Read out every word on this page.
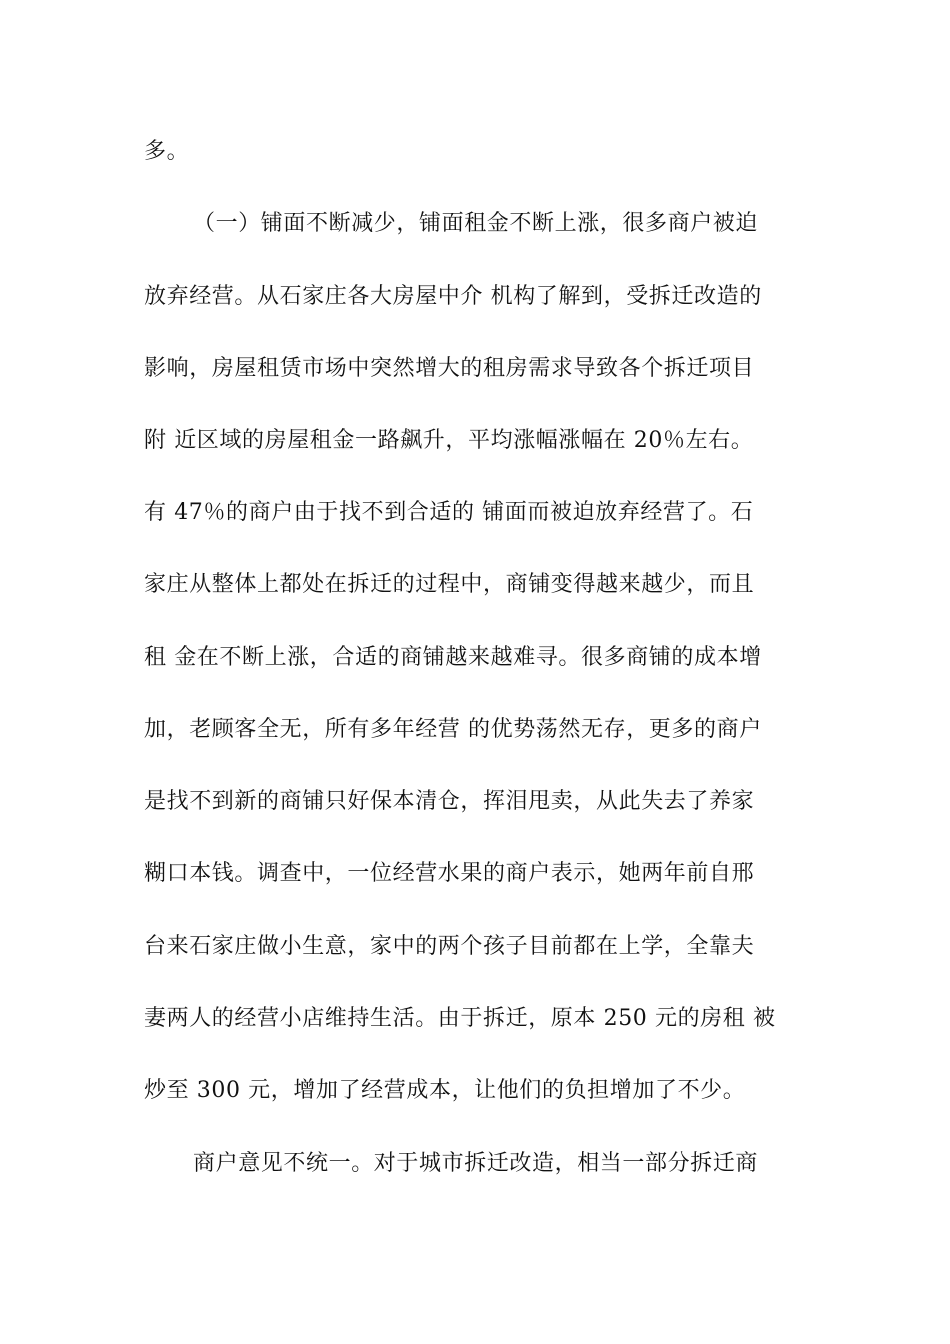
多。
（一）铺面不断减少，铺面租金不断上涨，很多商户被迫
放弃经营。从石家庄各大房屋中介 机构了解到，受拆迁改造的
影响，房屋租赁市场中突然增大的租房需求导致各个拆迁项目
附 近区域的房屋租金一路飙升，平均涨幅涨幅在 20％左右。
有 47％的商户由于找不到合适的 铺面而被迫放弃经营了。石
家庄从整体上都处在拆迁的过程中，商铺变得越来越少，而且
租 金在不断上涨，合适的商铺越来越难寻。很多商铺的成本增
加，老顾客全无，所有多年经营 的优势荡然无存，更多的商户
是找不到新的商铺只好保本清仓，挥泪甩卖，从此失去了养家
糊口本钱。调查中，一位经营水果的商户表示，她两年前自邢
台来石家庄做小生意，家中的两个孩子目前都在上学，全靠夫
妻两人的经营小店维持生活。由于拆迁，原本 250 元的房租 被
炒至 300 元，增加了经营成本，让他们的负担增加了不少。
商户意见不统一。对于城市拆迁改造，相当一部分拆迁商
